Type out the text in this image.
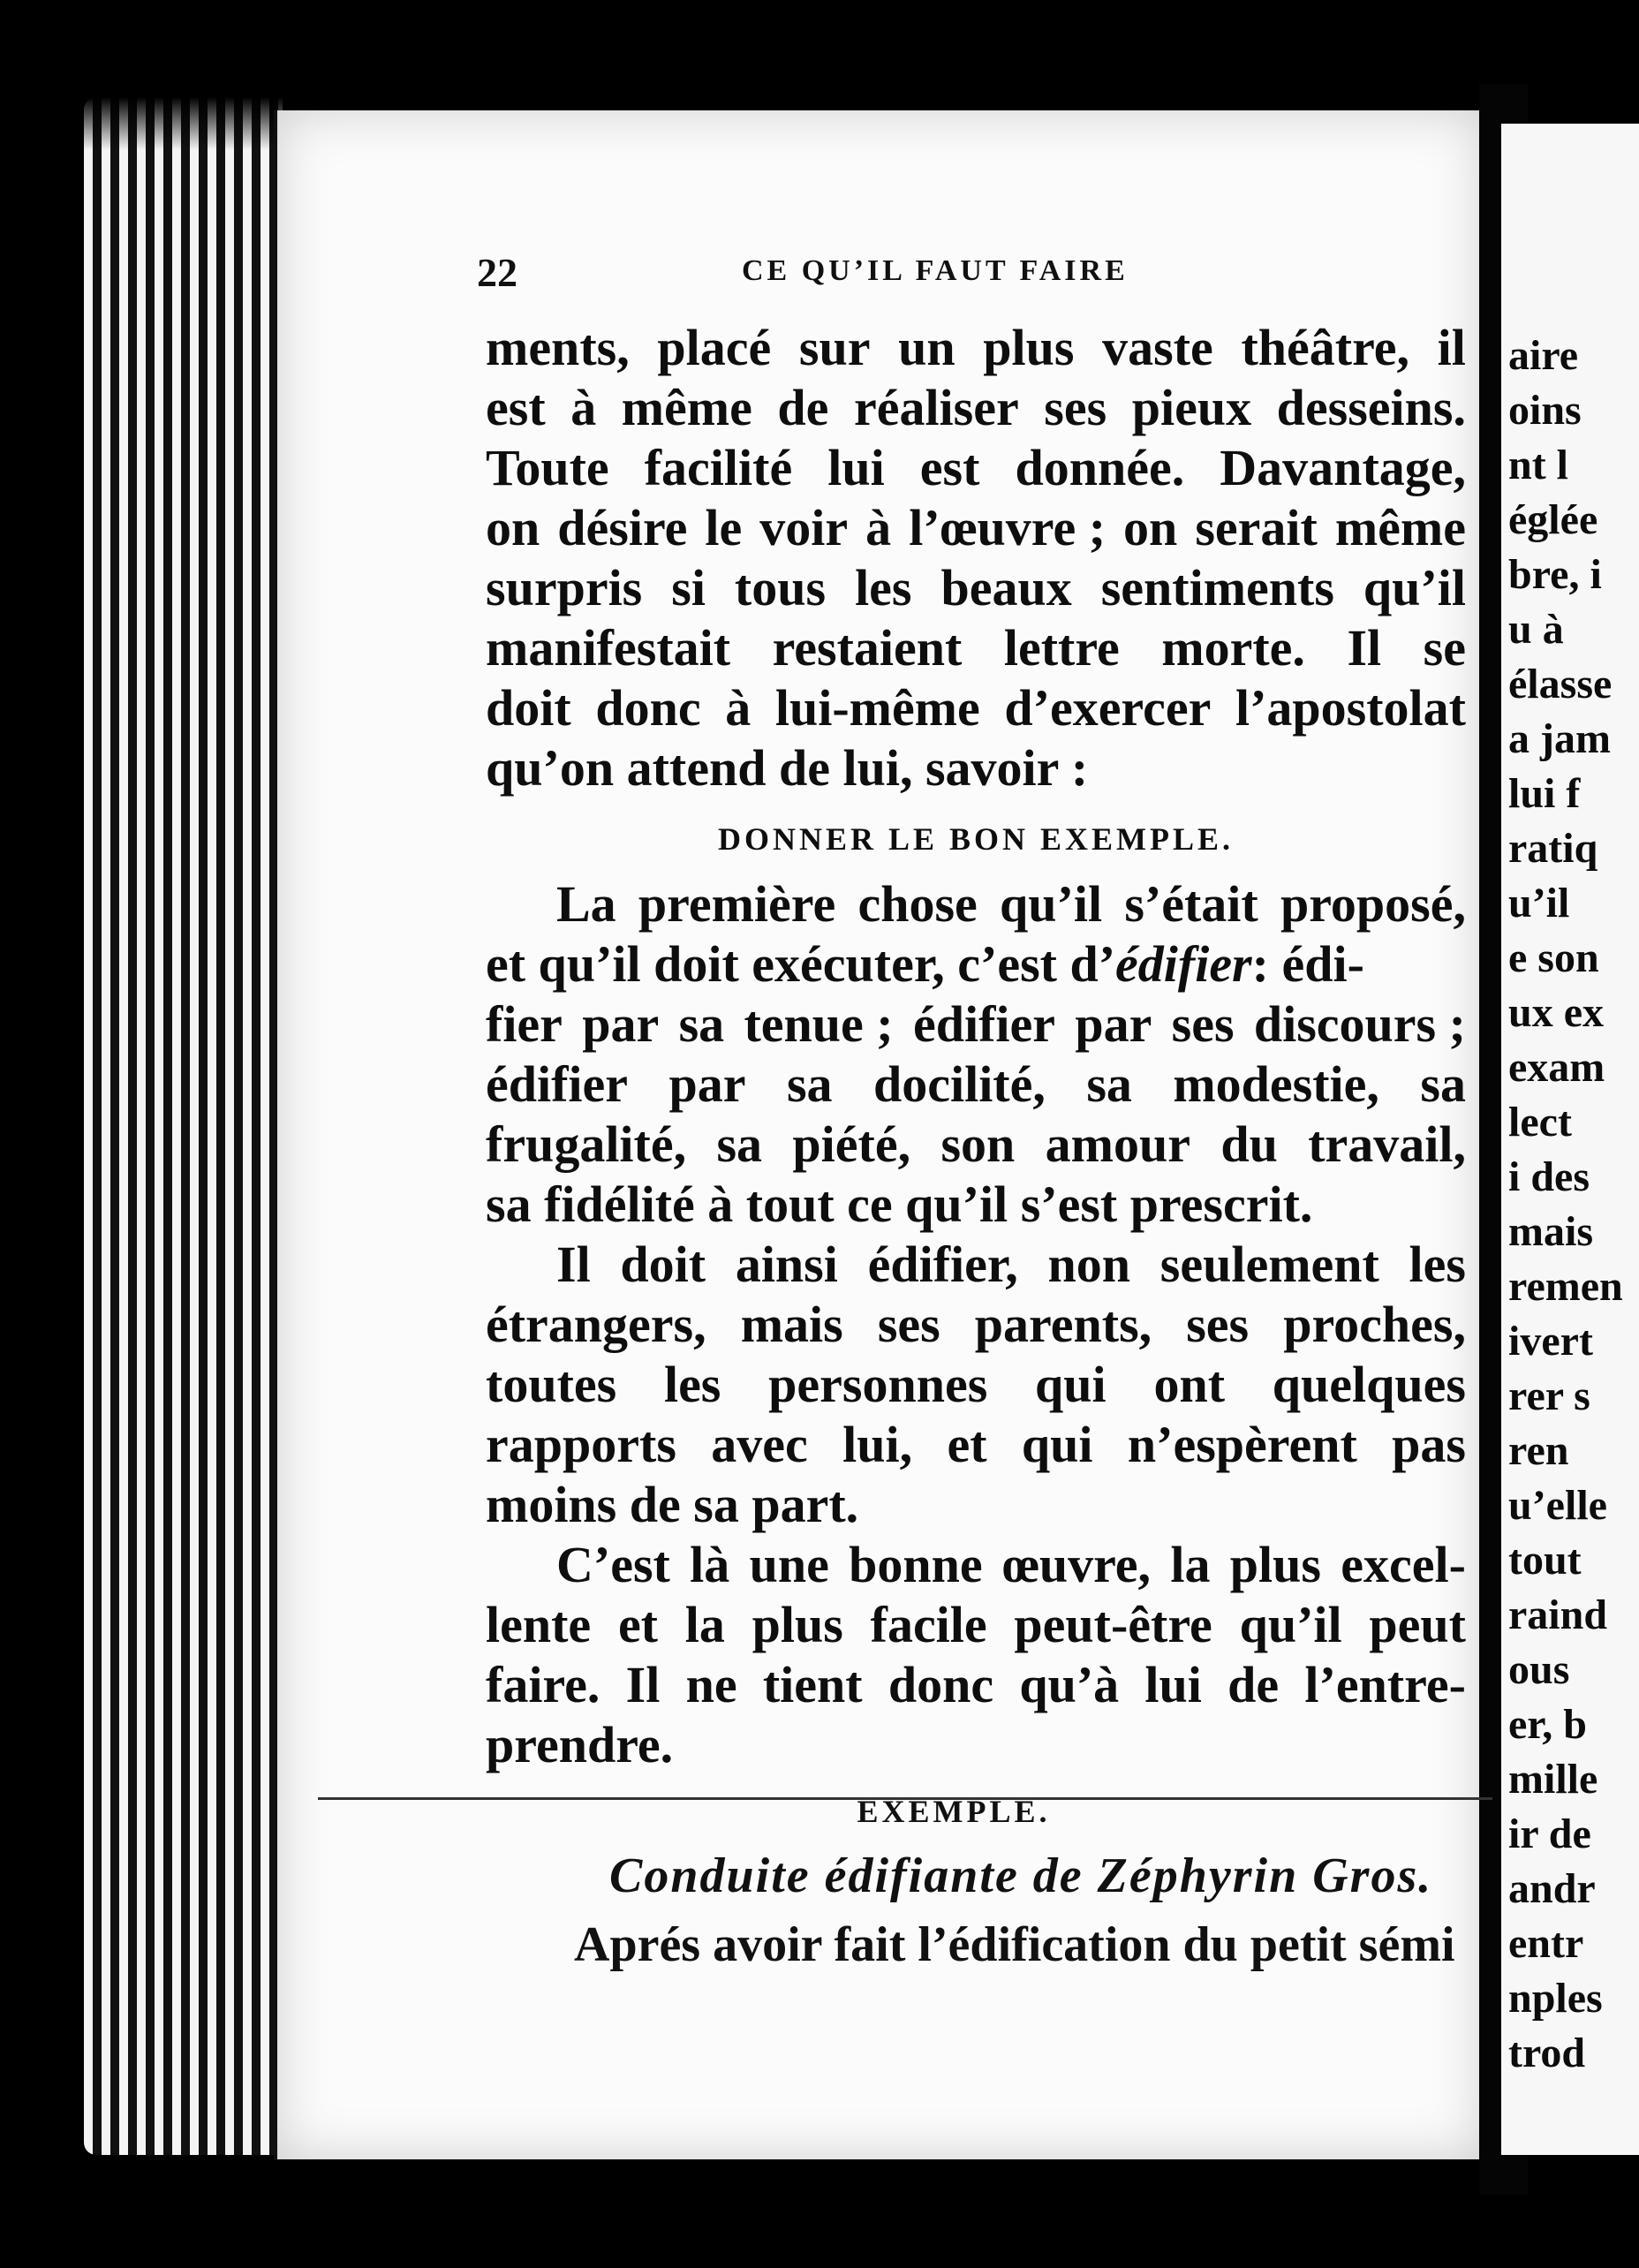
aire
oins
nt l
églée
bre, i
u à
élasse
a jam
lui f
ratiq
u’il
e son
ux ex
exam
lect
i des
mais
remen
ivert
rer s
ren
u’elle
tout
raind
ous
er, b
mille
ir de
andr
entr
nples
trod
22	CE QU’IL FAUT FAIRE
ments, placé sur un plus vaste théâtre, il
est à même de réaliser ses pieux desseins.
Toute facilité lui est donnée. Davantage,
on désire le voir à l’œuvre ; on serait même
surpris si tous les beaux sentiments qu’il
manifestait restaient lettre morte. Il se
doit donc à lui-même d’exercer l’apostolat
qu’on attend de lui, savoir :
DONNER LE BON EXEMPLE.
La première chose qu’il s’était proposé,
et qu’il doit exécuter, c’est d’édifier: édi-
fier par sa tenue ; édifier par ses discours ;
édifier par sa docilité, sa modestie, sa
frugalité, sa piété, son amour du travail,
sa fidélité à tout ce qu’il s’est prescrit.
Il doit ainsi édifier, non seulement les
étrangers, mais ses parents, ses proches,
toutes les personnes qui ont quelques
rapports avec lui, et qui n’espèrent pas
moins de sa part.
C’est là une bonne œuvre, la plus excel-
lente et la plus facile peut-être qu’il peut
faire. Il ne tient donc qu’à lui de l’entre-
prendre.
EXEMPLE.
Conduite édifiante de Zéphyrin Gros.
Aprés avoir fait l’édification du petit sémi
